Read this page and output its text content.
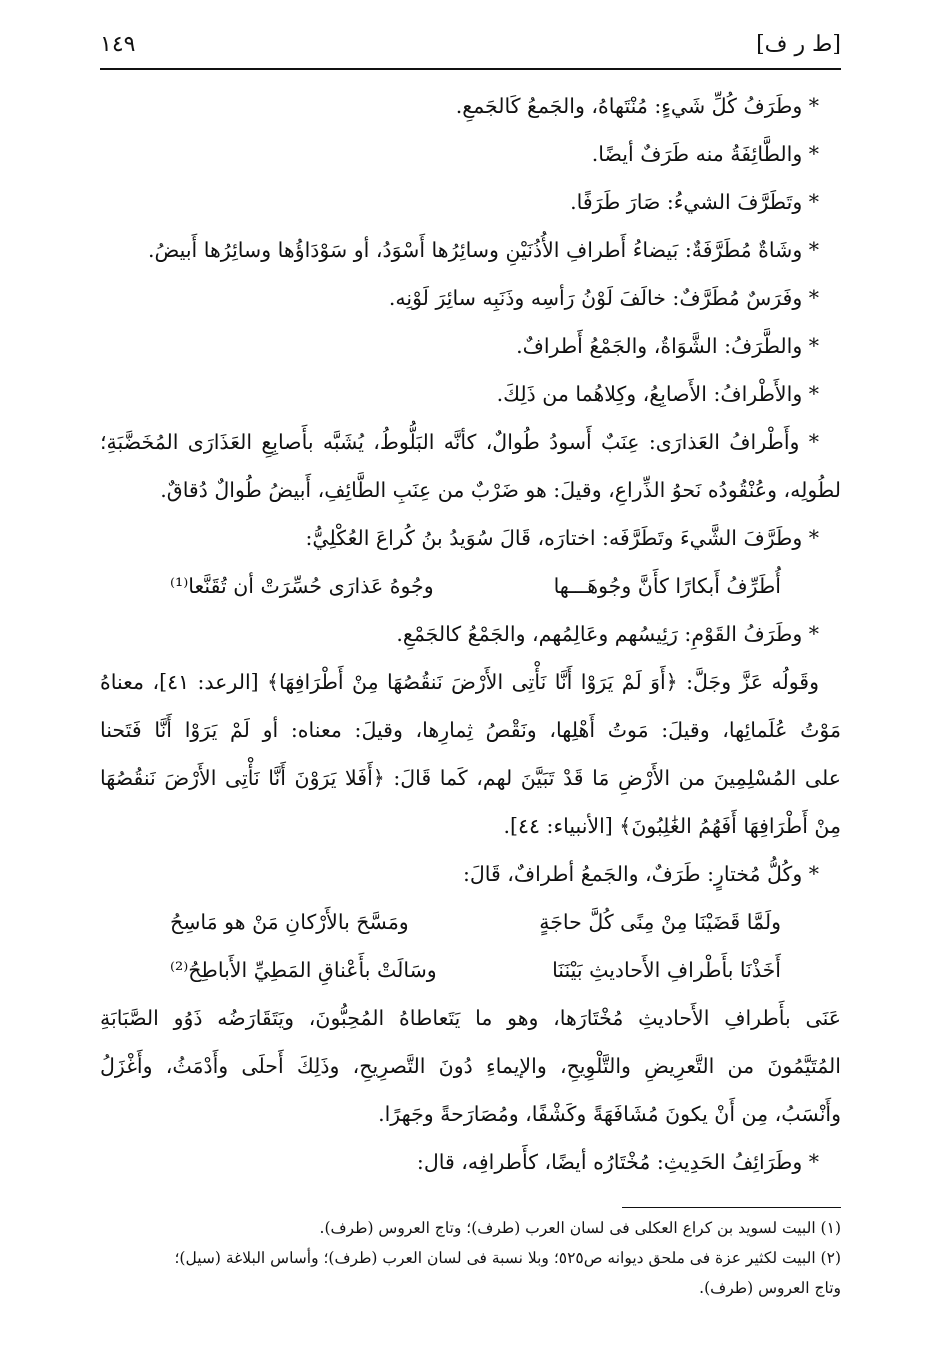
١٤٩	[ط ر ف]
* وطَرَفُ كُلِّ شَيءٍ: مُنْتَهاهُ، والجَمعُ كَالجَمعِ.
* والطَّائِفَةُ منه طَرَفٌ أيضًا.
* وتَطَرَّفَ الشيءُ: صَارَ طَرَفًا.
* وشَاةٌ مُطَرَّفَةٌ: بَيضاءُ أَطرافِ الأُذُنَيْنِ وسائِرُها أَسْوَدُ، أو سَوْدَاؤُها وسائِرُها أَبيضُ.
* وفَرَسٌ مُطَرَّفٌ: خالَفَ لَوْنُ رَأسِه وذَنَبِه سائِرَ لَوْنِه.
* والطَّرَفُ: الشَّوَاةُ، والجَمْعُ أَطرافٌ.
* والأَطْرافُ: الأَصابِعُ، وكِلاهُما من ذَلِكَ.
* وأَطْرافُ العَذارَى: عِنَبٌ أَسودُ طُوالٌ، كأنَّه البَلُّوطُ، يُشَبَّه بأَصابِعِ العَذَارَى المُخَضَّبَةِ؛
لطُولِه، وعُنْقُودُه نَحوُ الذِّراعِ، وقيلَ: هو ضَرْبٌ من عِنَبِ الطَّائِفِ، أَبيضُ طُوالٌ دُقاقٌ.
* وطَرَّفَ الشَّيءَ وتَطَرَّفَه: اختارَه، قَالَ سُوَيدُ بنُ كُراعَ العُكْلِيُّ:
أُطَرِّفُ أَبكارًا كأَنَّ وجُوهَـــها
وجُوهُ عَذارَى حُسِّرَتْ أن تُقَنَّعا⁽¹⁾
* وطَرَفُ القَوْمِ: رَئِيسُهم وعَالِمُهم، والجَمْعُ كالجَمْعِ.
وقَولُه عَزَّ وجَلَّ: ﴿أَوَ لَمْ يَرَوْا أَنَّا نَأْتِى الأَرْضَ نَنقُصُهَا مِنْ أَطْرَافِهَا﴾ [الرعد: ٤١]، معناهُ
مَوْتُ عُلَمائِها، وقيلَ: مَوتُ أَهْلِها، ونَقْصُ ثِمارِها، وقيلَ: معناه: أو لَمْ يَرَوْا أَنَّا فَتَحنا
على المُسْلِمِينَ من الأَرْضِ مَا قَدْ تَبَيَّنَ لهم، كَما قَالَ: ﴿أَفَلا يَرَوْنَ أَنَّا نَأْتِى الأَرْضَ نَنقُصُهَا
مِنْ أَطْرَافِهَا أَفَهُمُ الغَٰلِبُونَ﴾ [الأنبياء: ٤٤].
* وكُلُّ مُختارٍ: طَرَفٌ، والجَمعُ أطرافٌ، قَالَ:
ولَمَّا قَضَيْنَا مِنْ مِنًى كُلَّ حاجَةٍ
ومَسَّحَ بالأَرْكانِ مَنْ هو مَاسِحُ
أَخَذْنَا بأَطْرافِ الأَحاديثِ بَيْنَنَا
وسَالَتْ بأَعْناقِ المَطِيِّ الأَباطِحُ⁽²⁾
عَنَى بأَطرافِ الأَحاديثِ مُخْتَارَها، وهو ما يَتَعاطاهُ المُحِبُّونَ، ويَتَقَارَضُه ذَوُو الصَّبَابَةِ
المُتَيَّمُونَ من التَّعرِيضِ والتَّلْوِيحِ، والإيماءِ دُونَ التَّصرِيحِ، وذَلِكَ أَحلَى وأَدْمَثُ، وأَغْزَلُ
وأَنْسَبُ، مِن أَنْ يكونَ مُشَافَهَةً وكَشْفًا، ومُصَارَحةً وجَهرًا.
* وطَرَائِفُ الحَدِيثِ: مُخْتَارُه أيضًا، كأَطرافِه، قال:
(١) البيت لسويد بن كراع العكلى فى لسان العرب (طرف)؛ وتاج العروس (طرف).
(٢) البيت لكثير عزة فى ملحق ديوانه ص٥٢٥؛ وبلا نسبة فى لسان العرب (طرف)؛ وأساس البلاغة (سيل)؛
وتاج العروس (طرف).
